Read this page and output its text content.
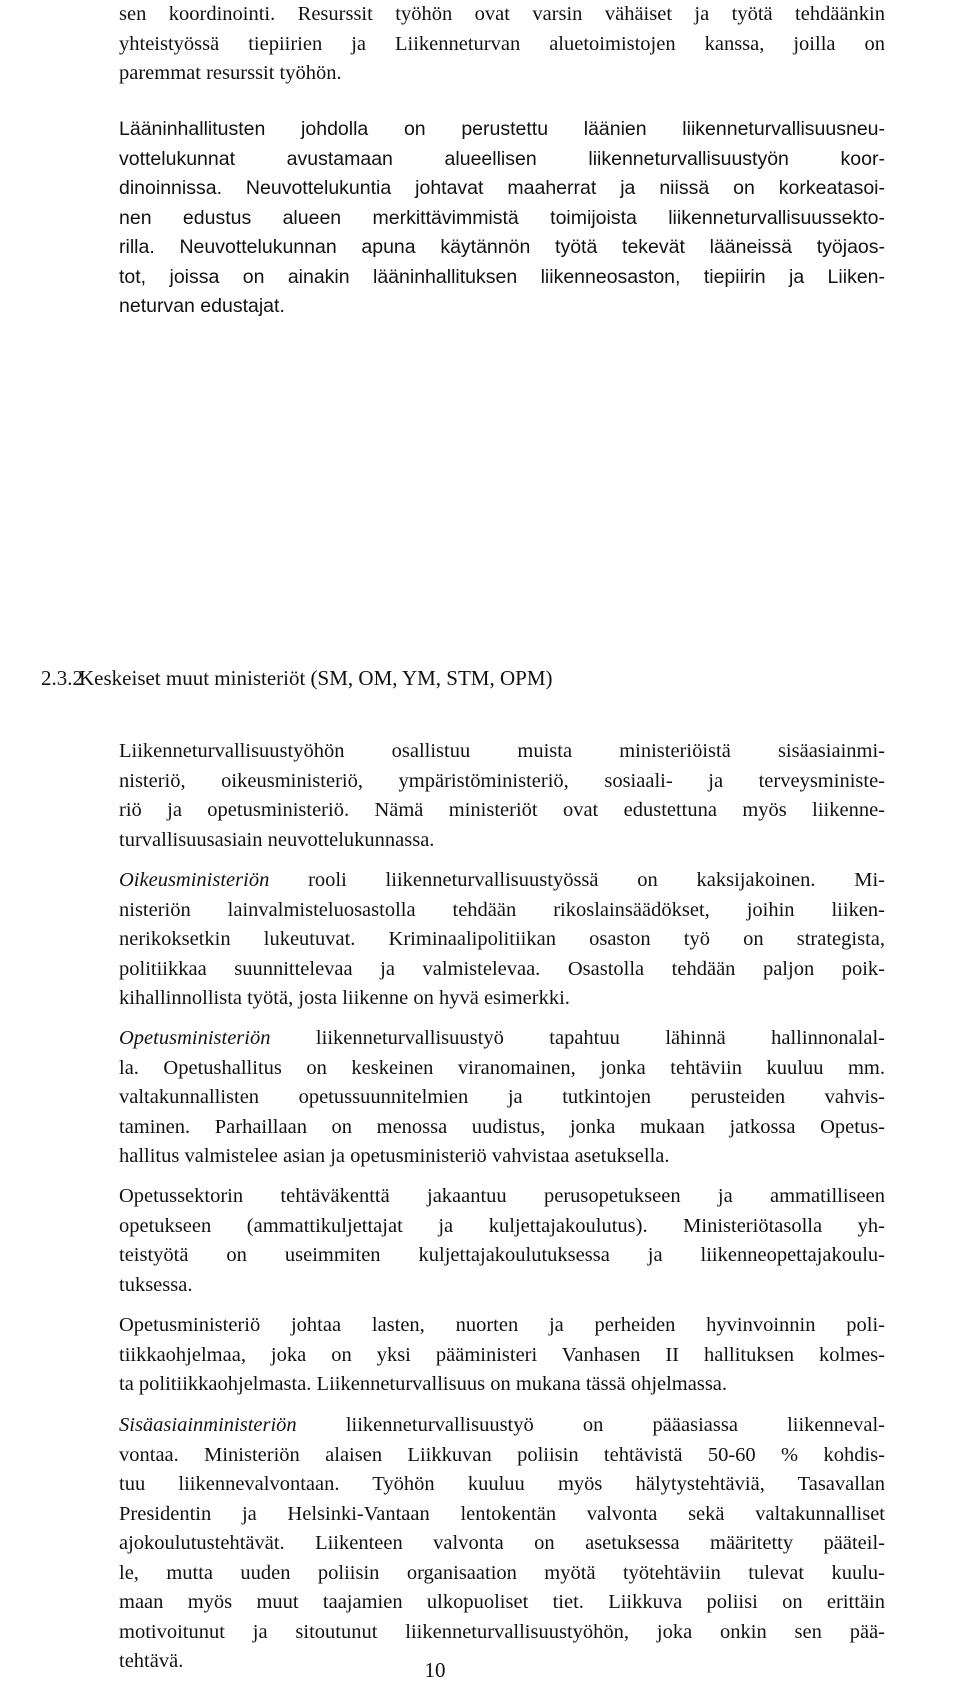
sen koordinointi. Resurssit työhön ovat varsin vähäiset ja työtä tehdäänkin
yhteistyössä tiepiirien ja Liikenneturvan aluetoimistojen kanssa, joilla on
paremmat resurssit työhön.

Lääninhallitusten johdolla on perustettu läänien liikenneturvallisuusneu-
vottelukunnat avustamaan alueellisen liikenneturvallisuustyön koor-
dinoinnissa. Neuvottelukuntia johtavat maaherrat ja niissä on korkeatasoi-
nen edustus alueen merkittävimmistä toimijoista liikenneturvallisuussekto-
rilla. Neuvottelukunnan apuna käytännön työtä tekevät lääneissä työjaos-
tot, joissa on ainakin lääninhallituksen liikenneosaston, tiepiirin ja Liiken-
neturvan edustajat.

2.3.2
Keskeiset muut ministeriöt (SM, OM, YM, STM, OPM)

Liikenneturvallisuustyöhön osallistuu muista ministeriöistä sisäasiainmi-
nisteriö, oikeusministeriö, ympäristöministeriö, sosiaali- ja terveysministe-
riö ja opetusministeriö. Nämä ministeriöt ovat edustettuna myös liikenne-
turvallisuusasiain neuvottelukunnassa.

Oikeusministeriön rooli liikenneturvallisuustyössä on kaksijakoinen. Mi-
nisteriön lainvalmisteluosastolla tehdään rikoslainsäädökset, joihin liiken-
nerikoksetkin lukeutuvat. Kriminaalipolitiikan osaston työ on strategista,
politiikkaa suunnittelevaa ja valmistelevaa. Osastolla tehdään paljon poik-
kihallinnollista työtä, josta liikenne on hyvä esimerkki.

Opetusministeriön liikenneturvallisuustyö tapahtuu lähinnä hallinnonalal-
la. Opetushallitus on keskeinen viranomainen, jonka tehtäviin kuuluu mm.
valtakunnallisten opetussuunnitelmien ja tutkintojen perusteiden vahvis-
taminen. Parhaillaan on menossa uudistus, jonka mukaan jatkossa Opetus-
hallitus valmistelee asian ja opetusministeriö vahvistaa asetuksella.

Opetussektorin tehtäväkenttä jakaantuu perusopetukseen ja ammatilliseen
opetukseen (ammattikuljettajat ja kuljettajakoulutus). Ministeriötasolla yh-
teistyötä on useimmiten kuljettajakoulutuksessa ja liikenneopettajakoulu-
tuksessa.

Opetusministeriö johtaa lasten, nuorten ja perheiden hyvinvoinnin poli-
tiikkaohjelmaa, joka on yksi pääministeri Vanhasen II hallituksen kolmes-
ta politiikkaohjelmasta. Liikenneturvallisuus on mukana tässä ohjelmassa.

Sisäasiainministeriön liikenneturvallisuustyö on pääasiassa liikenneval-
vontaa. Ministeriön alaisen Liikkuvan poliisin tehtävistä 50-60 % kohdis-
tuu liikennevalvontaan. Työhön kuuluu myös hälytystehtäviä, Tasavallan
Presidentin ja Helsinki-Vantaan lentokentän valvonta sekä valtakunnalliset
ajokoulutustehtävät. Liikenteen valvonta on asetuksessa määritetty pääteil-
le, mutta uuden poliisin organisaation myötä työtehtäviin tulevat kuulu-
maan myös muut taajamien ulkopuoliset tiet. Liikkuva poliisi on erittäin
motivoitunut ja sitoutunut liikenneturvallisuustyöhön, joka onkin sen pää-
tehtävä.	10
